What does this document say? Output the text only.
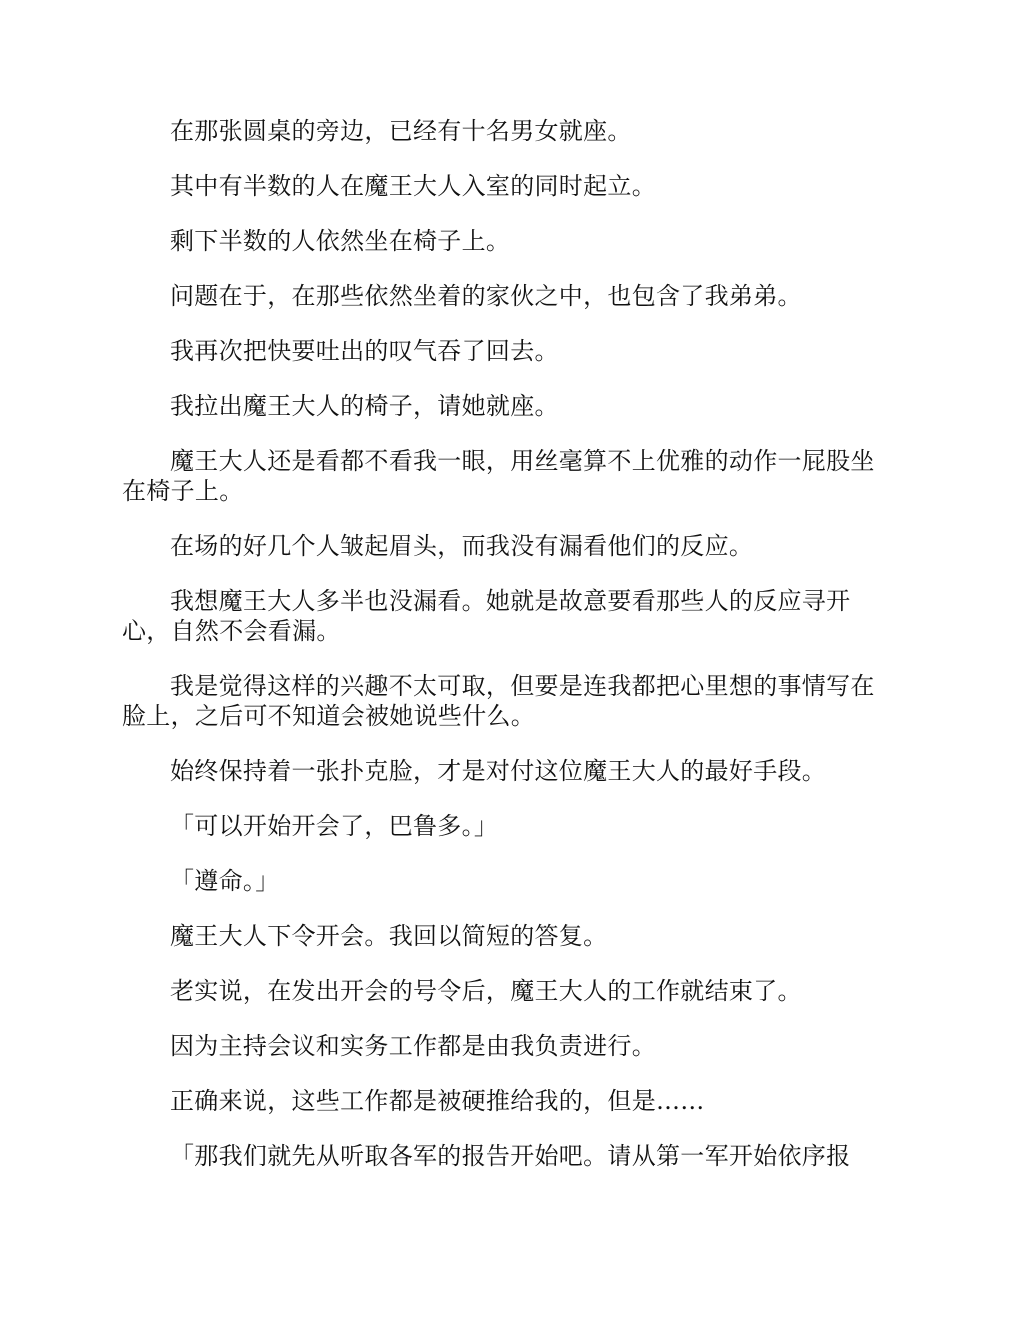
在那张圆桌的旁边，已经有十名男女就座。

其中有半数的人在魔王大人入室的同时起立。

剩下半数的人依然坐在椅子上。

问题在于，在那些依然坐着的家伙之中，也包含了我弟弟。

我再次把快要吐出的叹气吞了回去。

我拉出魔王大人的椅子，请她就座。

魔王大人还是看都不看我一眼，用丝毫算不上优雅的动作一屁股坐在椅子上。

在场的好几个人皱起眉头，而我没有漏看他们的反应。

我想魔王大人多半也没漏看。她就是故意要看那些人的反应寻开心，自然不会看漏。

我是觉得这样的兴趣不太可取，但要是连我都把心里想的事情写在脸上，之后可不知道会被她说些什么。

始终保持着一张扑克脸，才是对付这位魔王大人的最好手段。

「可以开始开会了，巴鲁多。」

「遵命。」

魔王大人下令开会。我回以简短的答复。

老实说，在发出开会的号令后，魔王大人的工作就结束了。

因为主持会议和实务工作都是由我负责进行。

正确来说，这些工作都是被硬推给我的，但是……

「那我们就先从听取各军的报告开始吧。请从第一军开始依序报
